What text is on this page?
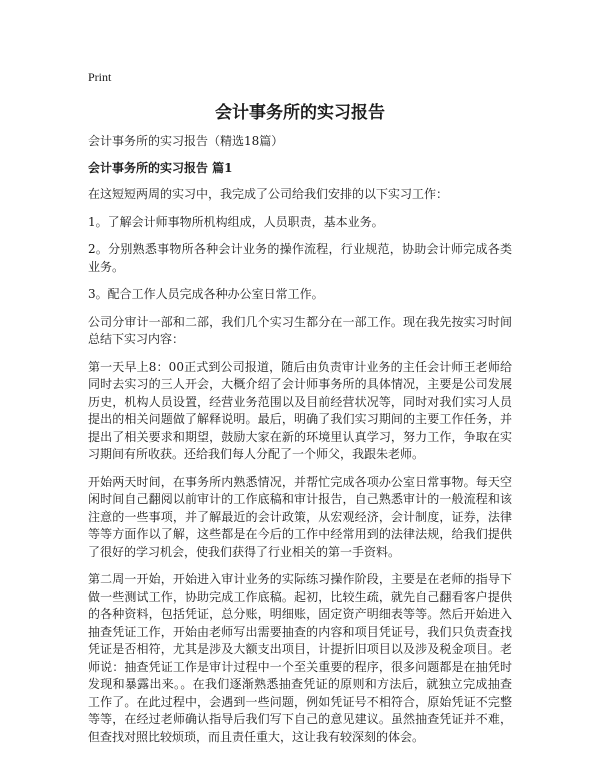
Print
会计事务所的实习报告

会计事务所的实习报告（精选18篇）

会计事务所的实习报告 篇1

在这短短两周的实习中，我完成了公司给我们安排的以下实习工作：

1。了解会计师事物所机构组成，人员职责，基本业务。

2。分别熟悉事物所各种会计业务的操作流程，行业规范，协助会计师完成各类业务。

3。配合工作人员完成各种办公室日常工作。

公司分审计一部和二部，我们几个实习生都分在一部工作。现在我先按实习时间总结下实习内容：

第一天早上8：00正式到公司报道，随后由负责审计业务的主任会计师王老师给同时去实习的三人开会，大概介绍了会计师事务所的具体情况，主要是公司发展历史，机构人员设置，经营业务范围以及目前经营状况等，同时对我们实习人员提出的相关问题做了解释说明。最后，明确了我们实习期间的主要工作任务，并提出了相关要求和期望，鼓励大家在新的环境里认真学习，努力工作，争取在实习期间有所收获。还给我们每人分配了一个师父，我跟朱老师。

开始两天时间，在事务所内熟悉情况，并帮忙完成各项办公室日常事物。每天空闲时间自己翻阅以前审计的工作底稿和审计报告，自己熟悉审计的一般流程和该注意的一些事项，并了解最近的会计政策，从宏观经济，会计制度，证券，法律等等方面作以了解，这些都是在今后的工作中经常用到的法律法规，给我们提供了很好的学习机会，使我们获得了行业相关的第一手资料。

第二周一开始，开始进入审计业务的实际练习操作阶段，主要是在老师的指导下做一些测试工作，协助完成工作底稿。起初，比较生疏，就先自己翻看客户提供的各种资料，包括凭证，总分账，明细账，固定资产明细表等等。然后开始进入抽查凭证工作，开始由老师写出需要抽查的内容和项目凭证号，我们只负责查找凭证是否相符，尤其是涉及大额支出项目，计提折旧项目以及涉及税金项目。老师说：抽查凭证工作是审计过程中一个至关重要的程序，很多问题都是在抽凭时发现和暴露出来。。在我们逐渐熟悉抽查凭证的原则和方法后，就独立完成抽查工作了。在此过程中，会遇到一些问题，例如凭证号不相符合，原始凭证不完整等等，在经过老师确认指导后我们写下自己的意见建议。虽然抽查凭证并不难，但查找对照比较烦琐，而且责任重大，这让我有较深刻的体会。
